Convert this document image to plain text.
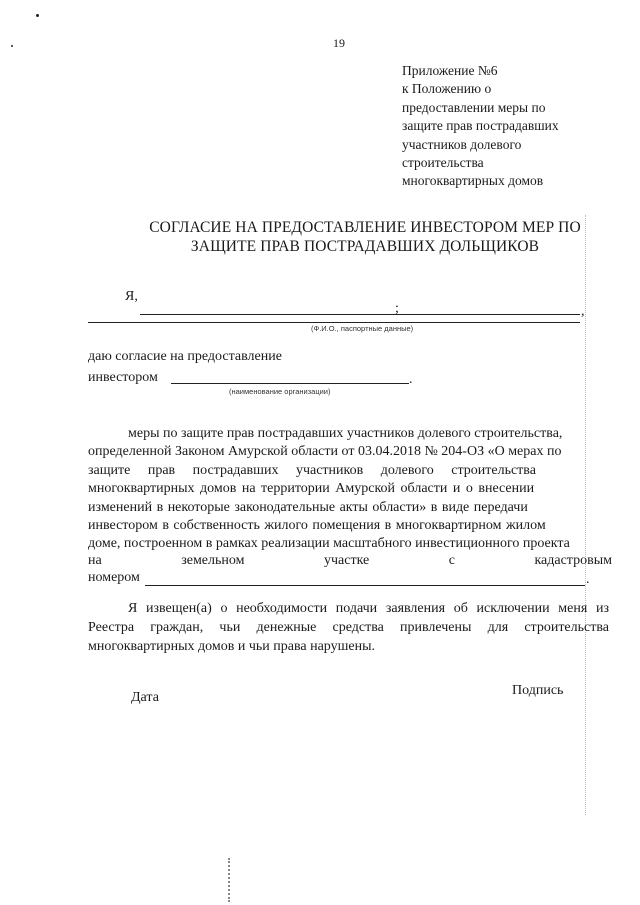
19
Приложение №6
к Положению о
предоставлении меры по
защите прав пострадавших
участников долевого
строительства
многоквартирных домов
СОГЛАСИЕ НА ПРЕДОСТАВЛЕНИЕ ИНВЕСТОРОМ МЕР ПО
ЗАЩИТЕ ПРАВ ПОСТРАДАВШИХ ДОЛЬЩИКОВ
Я,
;	,
(Ф.И.О., паспортные данные)
даю согласие на предоставление
инвестором	.
(наименование организации)
меры по защите прав пострадавших участников долевого строительства,
определенной Законом Амурской области от 03.04.2018 № 204-ОЗ «О мерах по
защите прав пострадавших участников долевого строительства
многоквартирных домов на территории Амурской области и о внесении
изменений в некоторые законодательные акты области» в виде передачи
инвестором в собственность жилого помещения в многоквартирном жилом
доме, построенном в рамках реализации масштабного инвестиционного проекта
на земельном участке с кадастровым
номером	.
Я извещен(а) о необходимости подачи заявления об исключении меня из Реестра граждан, чьи денежные средства привлечены для строительства многоквартирных домов и чьи права нарушены.
Дата	Подпись
